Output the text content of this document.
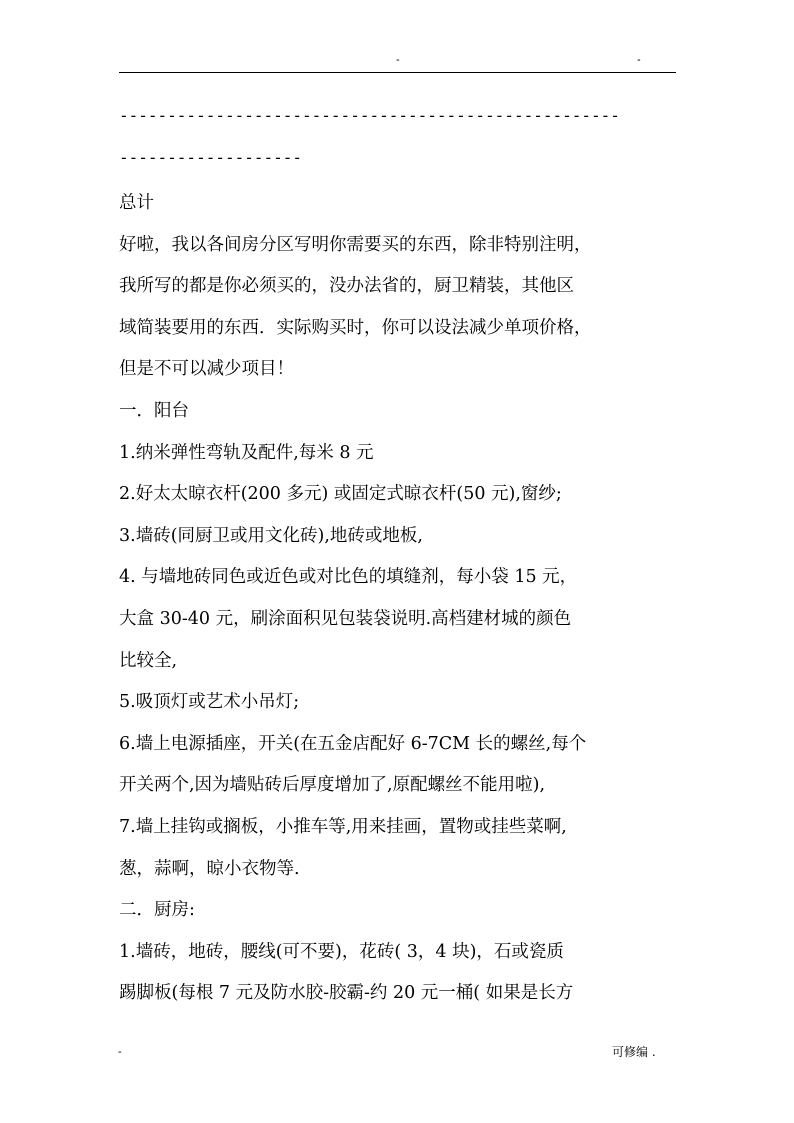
-	-
----------------------------------------------------
-------------------
总计
好啦，我以各间房分区写明你需要买的东西，除非特别注明，
我所写的都是你必须买的，没办法省的，厨卫精装，其他区
域简装要用的东西．实际购买时，你可以设法减少单项价格，
但是不可以减少项目！
一．阳台
1.纳米弹性弯轨及配件,每米 8 元
2.好太太晾衣杆(200 多元) 或固定式晾衣杆(50 元),窗纱;
3.墙砖(同厨卫或用文化砖),地砖或地板,
4. 与墙地砖同色或近色或对比色的填缝剂，每小袋 15 元，
大盒 30-40 元，刷涂面积见包装袋说明.高档建材城的颜色
比较全,
5.吸顶灯或艺术小吊灯;
6.墙上电源插座，开关(在五金店配好 6-7CM 长的螺丝,每个
开关两个,因为墙贴砖后厚度增加了,原配螺丝不能用啦),
7.墙上挂钩或搁板，小推车等,用来挂画，置物或挂些菜啊,
葱，蒜啊，晾小衣物等.
二．厨房:
1.墙砖，地砖，腰线(可不要)，花砖( 3，4 块)，石或瓷质
踢脚板(每根 7 元及防水胶-胶霸-约 20 元一桶( 如果是长方
-	可修编 .
